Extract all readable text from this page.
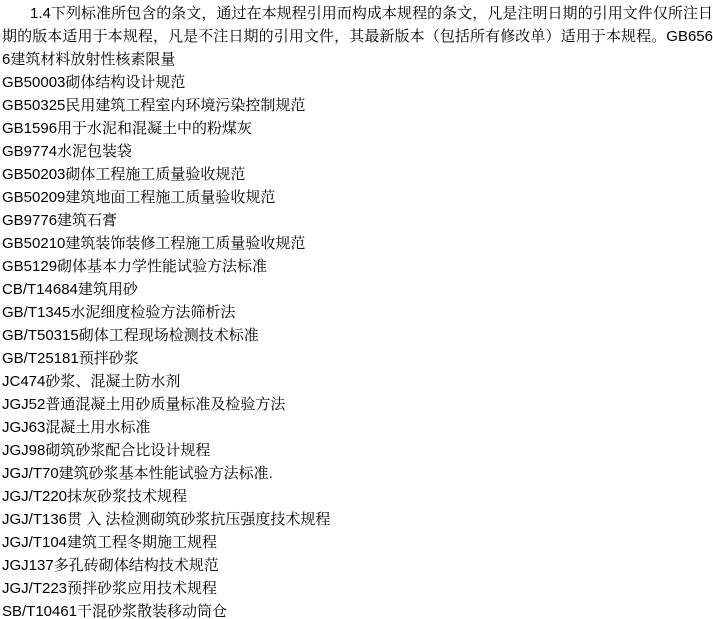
1.4下列标准所包含的条文，通过在本规程引用而构成本规程的条文，凡是注明日期的引用文件仅所注日期的版本适用于本规程，凡是不注日期的引用文件，其最新版本（包括所有修改单）适用于本规程。GB6566建筑材料放射性核素限量

GB50003砌体结构设计规范
GB50325民用建筑工程室内环境污染控制规范
GB1596用于水泥和混凝土中的粉煤灰
GB9774水泥包装袋
GB50203砌体工程施工质量验收规范
GB50209建筑地面工程施工质量验收规范
GB9776建筑石膏
GB50210建筑装饰装修工程施工质量验收规范
GB5129砌体基本力学性能试验方法标准
CB/T14684建筑用砂
GB/T1345水泥细度检验方法筛析法
GB/T50315砌体工程现场检测技术标准
GB/T25181预拌砂浆
JC474砂浆、混凝土防水剂
JGJ52普通混凝土用砂质量标准及检验方法
JGJ63混凝土用水标准
JGJ98砌筑砂浆配合比设计规程
JGJ/T70建筑砂浆基本性能试验方法标准.
JGJ/T220抹灰砂浆技术规程
JGJ/T136贯 入 法检测砌筑砂浆抗压强度技术规程
JGJ/T104建筑工程冬期施工规程
JGJ137多孔砖砌体结构技术规范
JGJ/T223预拌砂浆应用技术规程
SB/T10461干混砂浆散装移动筒仓
